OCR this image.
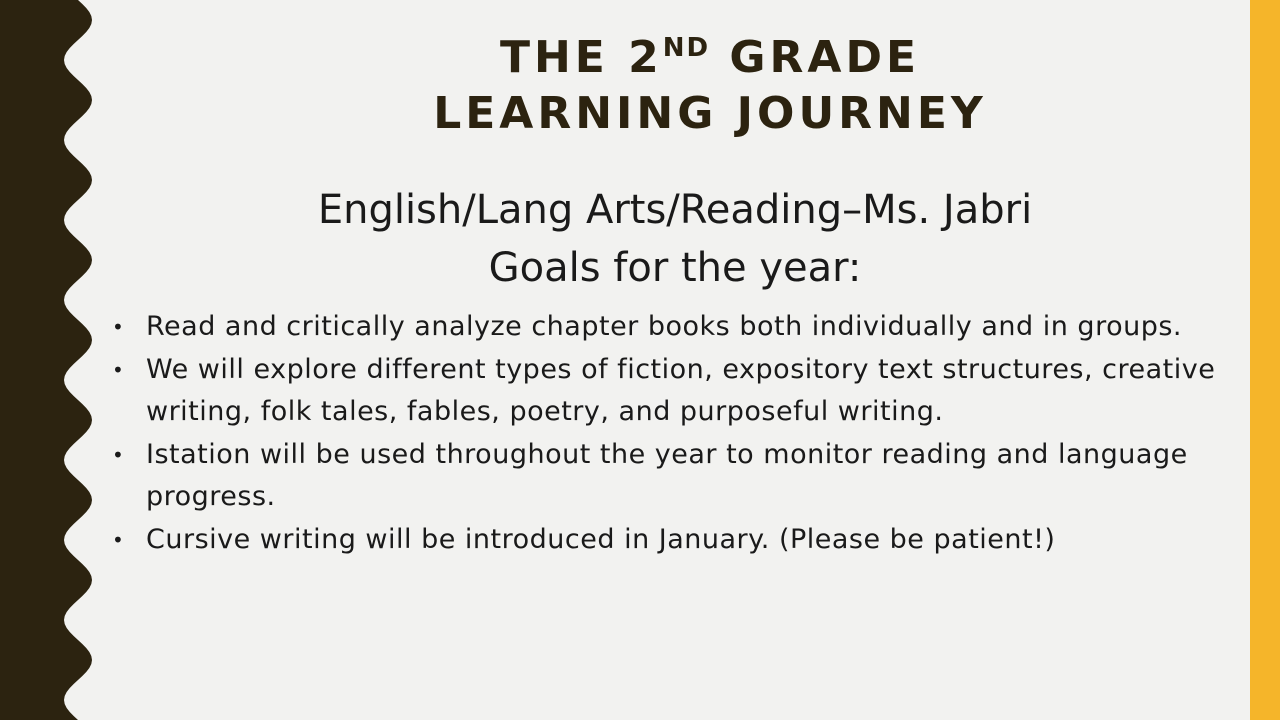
THE 2ND GRADE
LEARNING JOURNEY
English/Lang Arts/Reading–Ms. Jabri
Goals for the year:
• Read and critically analyze chapter books both individually and in groups.
• We will explore different types of fiction, expository text structures, creative writing, folk tales, fables, poetry, and purposeful writing.
• Istation will be used throughout the year to monitor reading and language progress.
• Cursive writing will be introduced in January. (Please be patient!)
